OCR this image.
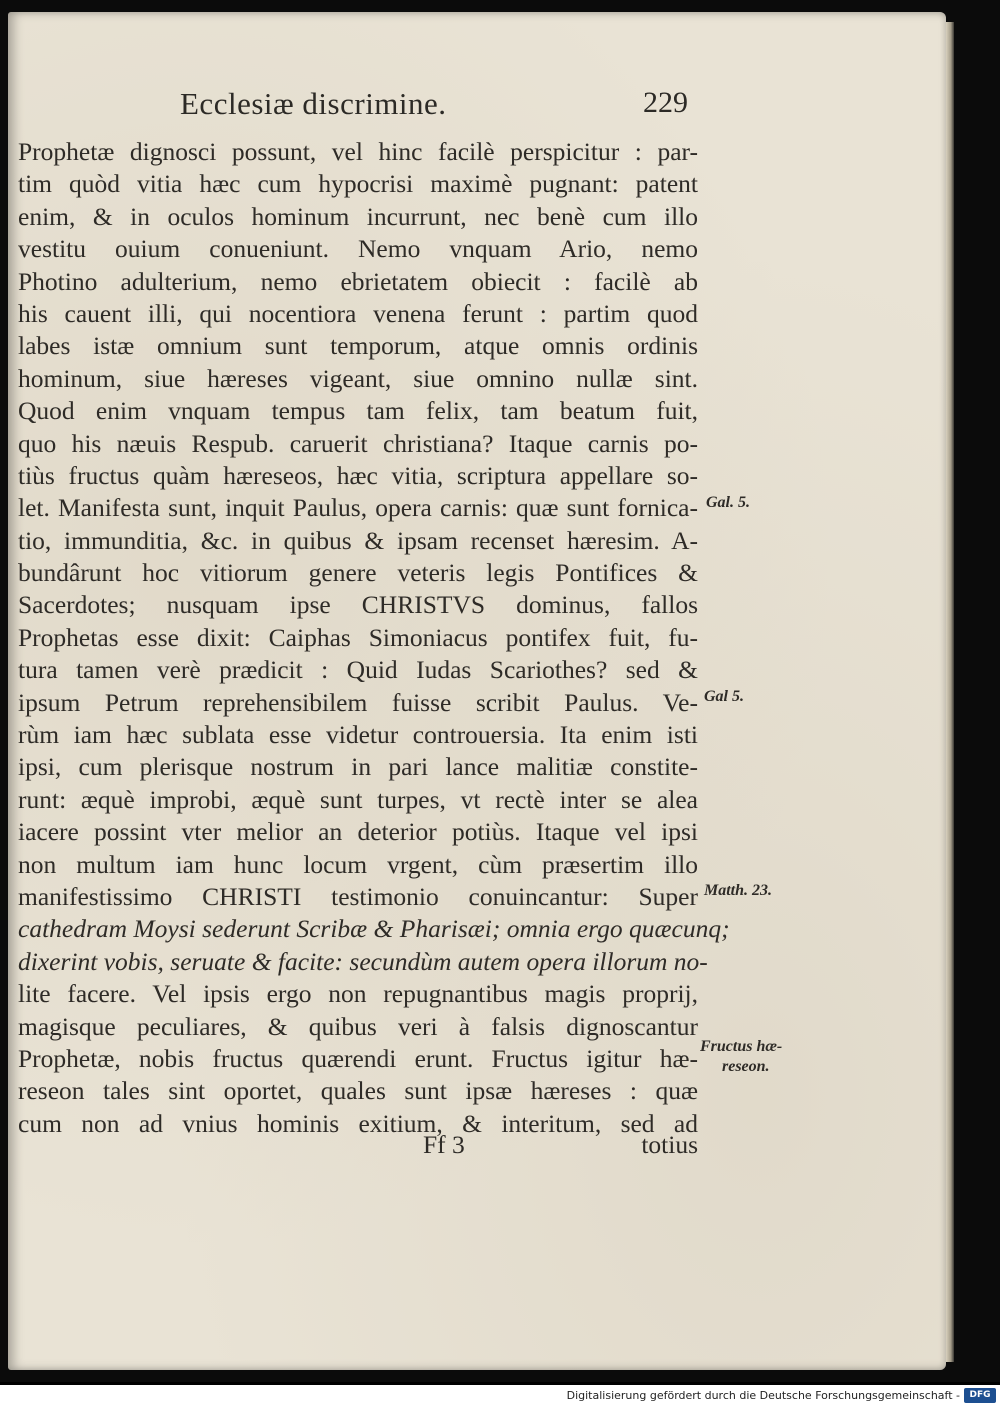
Ecclesiæ discrimine.	229
Prophetæ dignosci possunt, vel hinc facilè perspicitur : par-
tim quòd vitia hæc cum hypocrisi maximè pugnant: patent
enim, & in oculos hominum incurrunt, nec benè cum illo
vestitu ouium conueniunt. Nemo vnquam Ario, nemo
Photino adulterium, nemo ebrietatem obiecit : facilè ab
his cauent illi, qui nocentiora venena ferunt : partim quod
labes istæ omnium sunt temporum, atque omnis ordinis
hominum, siue hæreses vigeant, siue omnino nullæ sint.
Quod enim vnquam tempus tam felix, tam beatum fuit,
quo his næuis Respub. caruerit christiana? Itaque carnis po-
tiùs fructus quàm hæreseos, hæc vitia, scriptura appellare so-
let. Manifesta sunt, inquit Paulus, opera carnis: quæ sunt fornica-
tio, immunditia, &c. in quibus & ipsam recenset hæresim. A-
bundârunt hoc vitiorum genere veteris legis Pontifices &
Sacerdotes; nusquam ipse CHRISTVS dominus, fallos
Prophetas esse dixit: Caiphas Simoniacus pontifex fuit, fu-
tura tamen verè prædicit : Quid Iudas Scariothes? sed &
ipsum Petrum reprehensibilem fuisse scribit Paulus. Ve-
rùm iam hæc sublata esse videtur controuersia. Ita enim isti
ipsi, cum plerisque nostrum in pari lance malitiæ constite-
runt: æquè improbi, æquè sunt turpes, vt rectè inter se alea
iacere possint vter melior an deterior potiùs. Itaque vel ipsi
non multum iam hunc locum vrgent, cùm præsertim illo
manifestissimo CHRISTI testimonio conuincantur: Super
cathedram Moysi sederunt Scribæ & Pharisæi; omnia ergo quæcunq;
dixerint vobis, seruate & facite: secundùm autem opera illorum no-
lite facere. Vel ipsis ergo non repugnantibus magis proprij,
magisque peculiares, & quibus veri à falsis dignoscantur
Prophetæ, nobis fructus quærendi erunt. Fructus igitur hæ-
reseon tales sint oportet, quales sunt ipsæ hæreses : quæ
cum non ad vnius hominis exitium, & interitum, sed ad
Gal. 5.
Gal 5.
Matth. 23.
Fructus hæ-
reseon.
Ff 3	totius
Digitalisierung gefördert durch die Deutsche Forschungsgemeinschaft -	DFG
